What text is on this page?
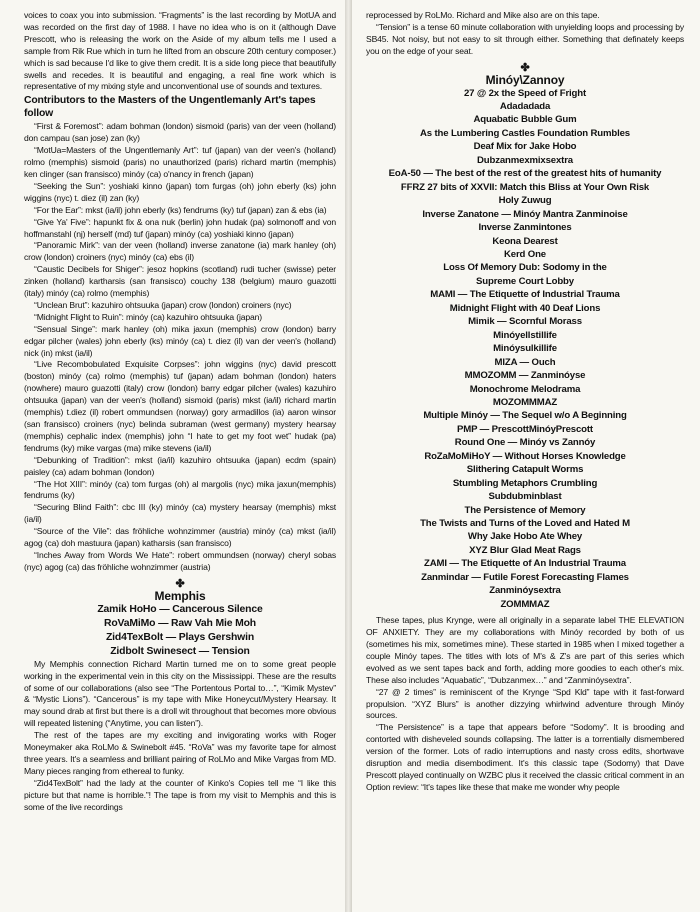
voices to coax you into submission. “Fragments” is the last recording by MotUA and was recorded on the first day of 1988. I have no idea who is on it (although Dave Prescott, who is releasing the work on the Aside of my album tells me I used a sample from Rik Rue which in turn he lifted from an obscure 20th century composer.) which is sad because I'd like to give them credit. It is a side long piece that beautifully swells and recedes. It is beautiful and engaging, a real fine work which is representative of my mixing style and unconventional use of sounds and textures.

Contributors to the Masters of the Ungentlemanly Art's tapes follow

“First & Foremost”: adam bohman (london) sismoid (paris) van der veen (holland) don campau (san jose) zan (ky)

“MotUa=Masters of the Ungentlemanly Art”: tuf (japan) van der veen's (holland) rolmo (memphis) sismoid (paris) no unauthorized (paris) richard martin (memphis) ken clinger (san fransisco) minóy (ca) o'nancy in french (japan)

“Seeking the Sun”: yoshiaki kinno (japan) tom furgas (oh) john eberly (ks) john wiggins (nyc) t. diez (il) zan (ky)

“For the Ear”: mkst (ia/il) john eberly (ks) fendrums (ky) tuf (japan) zan & ebs (ia)

“Give Ya' Five”: hapunkt fix & ona nuk (berlin) john hudak (pa) solmonoff and von hoffmanstahl (nj) herself (md) tuf (japan) minóy (ca) yoshiaki kinno (japan)

“Panoramic Mirk”: van der veen (holland) inverse zanatone (ia) mark hanley (oh) crow (london) croiners (nyc) minóy (ca) ebs (il)

“Caustic Decibels for Shiger”: jesoz hopkins (scotland) rudi tucher (swisse) peter zinken (holland) kartharsis (san fransisco) couchy 138 (belgium) mauro guazotti (italy) minóy (ca) rolmo (memphis)

“Unclean Brut”: kazuhiro ohtsuuka (japan) crow (london) croiners (nyc)

“Midnight Flight to Ruin”: minóy (ca) kazuhiro ohtsuuka (japan)

“Sensual Singe”: mark hanley (oh) mika jaxun (memphis) crow (london) barry edgar pilcher (wales) john eberly (ks) minóy (ca) t. diez (il) van der veen's (holland) nick (in) mkst (ia/il)

“Live Recombobulated Exquisite Corpses”: john wiggins (nyc) david prescott (boston) minóy (ca) rolmo (memphis) tuf (japan) adam bohman (london) haters (nowhere) mauro guazotti (italy) crow (london) barry edgar pilcher (wales) kazuhiro ohtsuuka (japan) van der veen's (holland) sismoid (paris) mkst (ia/il) richard martin (memphis) t.diez (il) robert ommundsen (norway) gory armadillos (ia) aaron winsor (san fransisco) croiners (nyc) belinda subraman (west germany) mystery hearsay (memphis) cephalic index (memphis) john “I hate to get my foot wet” hudak (pa) fendrums (ky) mike vargas (ma) mike stevens (ia/il)

“Debunking of Tradition”: mkst (ia/il) kazuhiro ohtsuuka (japan) ecdm (spain) paisley (ca) adam bohman (london)

“The Hot XIII”: minóy (ca) tom furgas (oh) al margolis (nyc) mika jaxun(memphis) fendrums (ky)

“Securing Blind Faith”: cbc III (ky) minóy (ca) mystery hearsay (memphis) mkst (ia/il)

“Source of the Vile”: das fröhliche wohnzimmer (austria) minóy (ca) mkst (ia/il) agog (ca) doh mastuura (japan) katharsis (san fransisco)

“Inches Away from Words We Hate”: robert ommundsen (norway) cheryl sobas (nyc) agog (ca) das fröhliche wohnzimmer (austria)

✤
Memphis
Zamik HoHo — Cancerous Silence
RoVaMiMo — Raw Vah Mie Moh
Zid4TexBolt — Plays Gershwin
Zidbolt Swinesect — Tension

My Memphis connection Richard Martin turned me on to some great people working in the experimental vein in this city on the Mississippi. These are the results of some of our collaborations (also see “The Portentous Portal to…”, “Kimik Mystev” & “Mystic Lions”). “Cancerous” is my tape with Mike Honeycut/Mystery Hearsay. It may sound drab at first but there is a droll wit throughout that becomes more obvious will repeated listening (“Anytime, you can listen”).

The rest of the tapes are my exciting and invigorating works with Roger Moneymaker aka RoLMo & Swinebolt #45. “RoVa” was my favorite tape for almost three years. It's a seamless and brilliant pairing of RoLMo and Mike Vargas from MD. Many pieces ranging from ethereal to funky.

“Zid4TexBolt” had the lady at the counter of Kinko's Copies tell me “I like this picture but that name is horrible.”! The tape is from my visit to Memphis and this is some of the live recordings

reprocessed by RoLMo. Richard and Mike also are on this tape.

“Tension” is a tense 60 minute collaboration with unyielding loops and processing by SB45. Not noisy, but not easy to sit through either. Something that definately keeps you on the edge of your seat.

✤
Minóy\Zannoy
27 @ 2x the Speed of Fright
Adadadada
Aquabatic Bubble Gum
As the Lumbering Castles Foundation Rumbles
Deaf Mix for Jake Hobo
Dubzanmexmixsextra
EoA-50 — The best of the rest of the greatest hits of humanity
FFRZ 27 bits of XXVII: Match this Bliss at Your Own Risk
Holy Zuwug
Inverse Zanatone — Minóy Mantra Zanminoise
Inverse Zanmintones
Keona Dearest
Kerd One
Loss Of Memory Dub: Sodomy in the
Supreme Court Lobby
MAMI — The Etiquette of Industrial Trauma
Midnight Flight with 40 Deaf Lions
Mimik — Scornful Morass
Minóyellstillife
Minóysulkillife
MIZA — Ouch
MMOZOMM — Zanminóyse
Monochrome Melodrama
MOZOMMMAZ
Multiple Minóy — The Sequel w/o A Beginning
PMP — PrescottMinóyPrescott
Round One — Minóy vs Zannóy
RoZaMoMiHoY — Without Horses Knowledge
Slithering Catapult Worms
Stumbling Metaphors Crumbling
Subdubminblast
The Persistence of Memory
The Twists and Turns of the Loved and Hated M
Why Jake Hobo Ate Whey
XYZ Blur Glad Meat Rags
ZAMI — The Etiquette of An Industrial Trauma
Zanmindar — Futile Forest Forecasting Flames
Zanminóysextra
ZOMMMAZ

These tapes, plus Krynge, were all originally in a separate label THE ELEVATION OF ANXIETY. They are my collaborations with Minóy recorded by both of us (sometimes his mix, sometimes mine). These started in 1985 when I mixed together a couple Minóy tapes. The titles with lots of M's & Z's are part of this series which evolved as we sent tapes back and forth, adding more goodies to each other's mix. These also includes “Aquabatic”, “Dubzanmex…” and “Zanminóysextra”.

“27 @ 2 times” is reminiscent of the Krynge “Spd Kld” tape with it fast-forward propulsion. “XYZ Blurs” is another dizzying whirlwind adventure through Minóy sources.

“The Persistence” is a tape that appears before “Sodomy”. It is brooding and contorted with disheveled sounds collapsing. The latter is a torrentially dismembered version of the former. Lots of radio interruptions and nasty cross edits, shortwave disruption and media disembodiment. It's this classic tape (Sodomy) that Dave Prescott played continually on WZBC plus it received the classic critical comment in an Option review: “It's tapes like these that make me wonder why people
